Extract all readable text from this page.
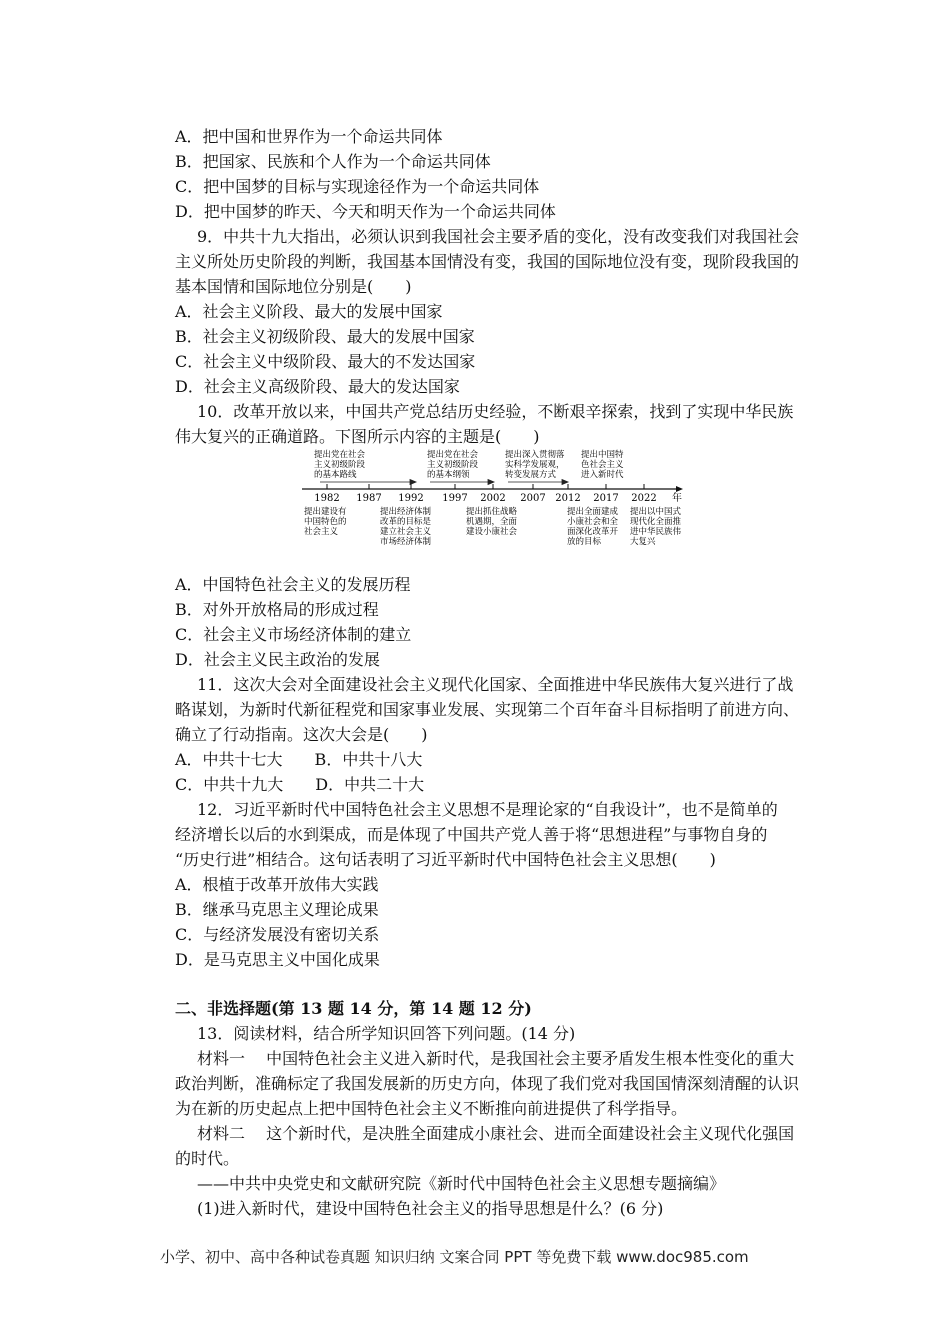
A．把中国和世界作为一个命运共同体
B．把国家、民族和个人作为一个命运共同体
C．把中国梦的目标与实现途径作为一个命运共同体
D．把中国梦的昨天、今天和明天作为一个命运共同体
9．中共十九大指出，必须认识到我国社会主要矛盾的变化，没有改变我们对我国社会
主义所处历史阶段的判断，我国基本国情没有变，我国的国际地位没有变，现阶段我国的
基本国情和国际地位分别是(　　)
A．社会主义阶段、最大的发展中国家
B．社会主义初级阶段、最大的发展中国家
C．社会主义中级阶段、最大的不发达国家
D．社会主义高级阶段、最大的发达国家
10．改革开放以来，中国共产党总结历史经验，不断艰辛探索，找到了实现中华民族
伟大复兴的正确道路。下图所示内容的主题是(　　)
提出党在社会
主义初级阶段
的基本路线
提出党在社会
主义初级阶段
的基本纲领
提出深入贯彻落
实科学发展观，
转变发展方式
提出中国特
色社会主义
进入新时代
年
1982 1987 1992 1997 2002 2007 2012 2017 2022
提出建设有
中国特色的
社会主义
提出经济体制
改革的目标是
建立社会主义
市场经济体制
提出抓住战略
机遇期，全面
建设小康社会
提出全面建成
小康社会和全
面深化改革开
放的目标
提出以中国式
现代化全面推
进中华民族伟
大复兴
A．中国特色社会主义的发展历程
B．对外开放格局的形成过程
C．社会主义市场经济体制的建立
D．社会主义民主政治的发展
11．这次大会对全面建设社会主义现代化国家、全面推进中华民族伟大复兴进行了战
略谋划，为新时代新征程党和国家事业发展、实现第二个百年奋斗目标指明了前进方向、
确立了行动指南。这次大会是(　　)
A．中共十七大　　B．中共十八大
C．中共十九大　　D．中共二十大
12．习近平新时代中国特色社会主义思想不是理论家的“自我设计”，也不是简单的
经济增长以后的水到渠成，而是体现了中国共产党人善于将“思想进程”与事物自身的
“历史行进”相结合。这句话表明了习近平新时代中国特色社会主义思想(　　)
A．根植于改革开放伟大实践
B．继承马克思主义理论成果
C．与经济发展没有密切关系
D．是马克思主义中国化成果
二、非选择题(第 13 题 14 分，第 14 题 12 分)
13．阅读材料，结合所学知识回答下列问题。(14 分)
材料一　 中国特色社会主义进入新时代，是我国社会主要矛盾发生根本性变化的重大
政治判断，准确标定了我国发展新的历史方向，体现了我们党对我国国情深刻清醒的认识
为在新的历史起点上把中国特色社会主义不断推向前进提供了科学指导。
材料二　 这个新时代，是决胜全面建成小康社会、进而全面建设社会主义现代化强国
的时代。
——中共中央党史和文献研究院《新时代中国特色社会主义思想专题摘编》
(1)进入新时代，建设中国特色社会主义的指导思想是什么？(6 分)
小学、初中、高中各种试卷真题 知识归纳 文案合同 PPT 等免费下载 www.doc985.com
